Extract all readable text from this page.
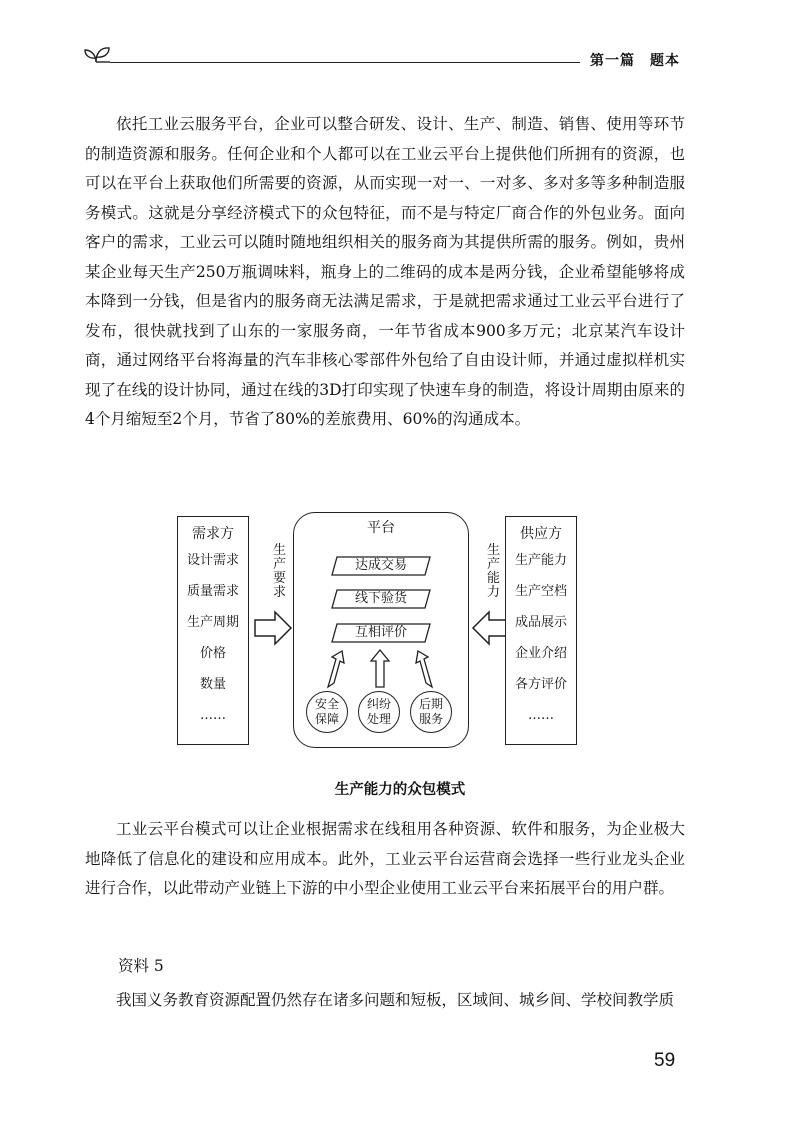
第一篇　题本

依托工业云服务平台，企业可以整合研发、设计、生产、制造、销售、使用等环节的制造资源和服务。任何企业和个人都可以在工业云平台上提供他们所拥有的资源，也可以在平台上获取他们所需要的资源，从而实现一对一、一对多、多对多等多种制造服务模式。这就是分享经济模式下的众包特征，而不是与特定厂商合作的外包业务。面向客户的需求，工业云可以随时随地组织相关的服务商为其提供所需的服务。例如，贵州某企业每天生产250万瓶调味料，瓶身上的二维码的成本是两分钱，企业希望能够将成本降到一分钱，但是省内的服务商无法满足需求，于是就把需求通过工业云平台进行了发布，很快就找到了山东的一家服务商，一年节省成本900多万元；北京某汽车设计商，通过网络平台将海量的汽车非核心零部件外包给了自由设计师，并通过虚拟样机实现了在线的设计协同，通过在线的3D打印实现了快速车身的制造，将设计周期由原来的4个月缩短至2个月，节省了80%的差旅费用、60%的沟通成本。

需求方
设计需求
质量需求
生产周期
价格
数量
……
生产要求
平台
达成交易
线下验货
互相评价
安全保障
纠纷处理
后期服务
生产能力
供应方
生产能力
生产空档
成品展示
企业介绍
各方评价
……
生产能力的众包模式

工业云平台模式可以让企业根据需求在线租用各种资源、软件和服务，为企业极大地降低了信息化的建设和应用成本。此外，工业云平台运营商会选择一些行业龙头企业进行合作，以此带动产业链上下游的中小型企业使用工业云平台来拓展平台的用户群。

资料 5

我国义务教育资源配置仍然存在诸多问题和短板，区域间、城乡间、学校间教学质

59
